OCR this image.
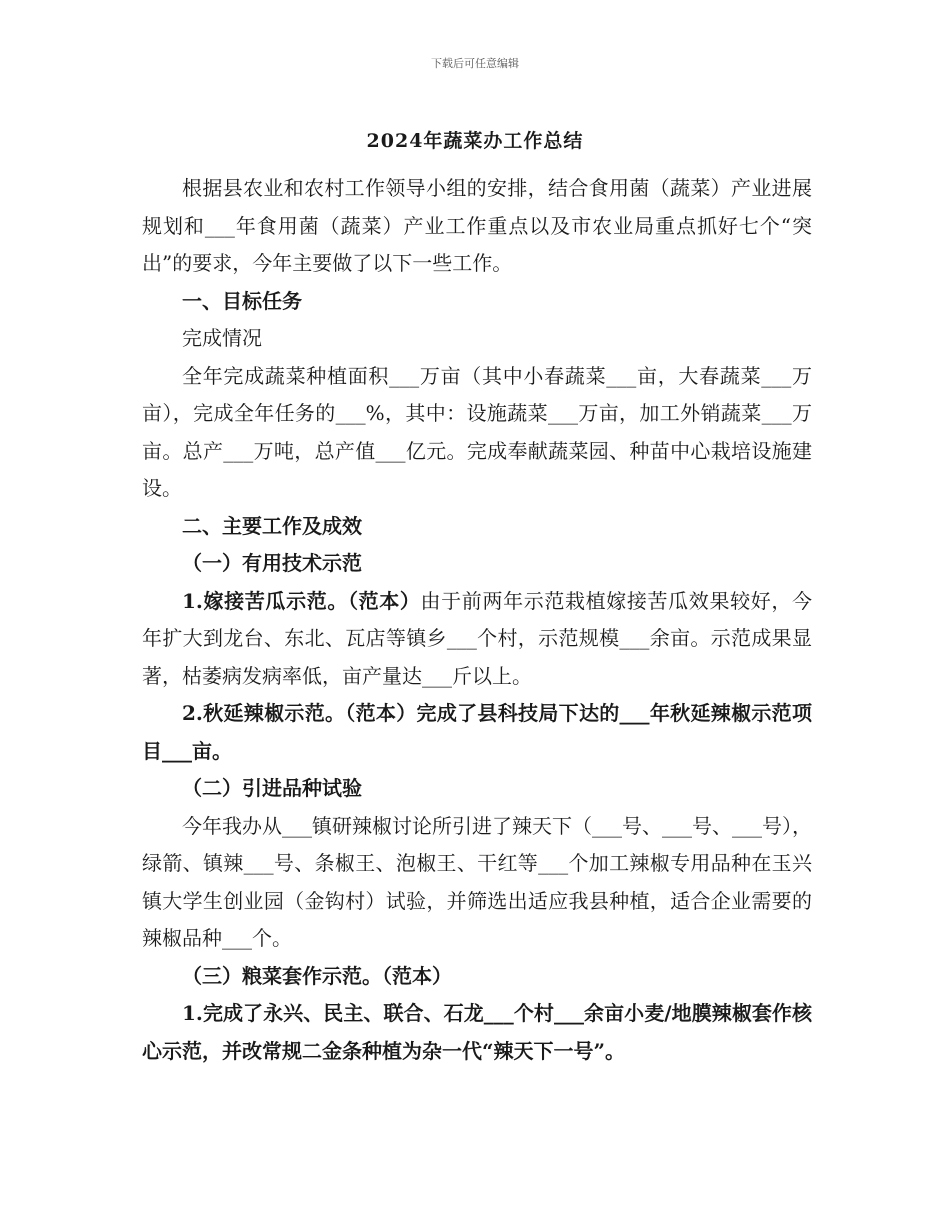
下载后可任意编辑
2024年蔬菜办工作总结

根据县农业和农村工作领导小组的安排，结合食用菌（蔬菜）产业进展规划和___年食用菌（蔬菜）产业工作重点以及市农业局重点抓好七个“突出”的要求，今年主要做了以下一些工作。

一、目标任务

完成情况

全年完成蔬菜种植面积___万亩（其中小春蔬菜___亩，大春蔬菜___万亩），完成全年任务的___%，其中：设施蔬菜___万亩，加工外销蔬菜___万亩。总产___万吨，总产值___亿元。完成奉献蔬菜园、种苗中心栽培设施建设。

二、主要工作及成效

（一）有用技术示范

1.嫁接苦瓜示范。（范本）由于前两年示范栽植嫁接苦瓜效果较好，今年扩大到龙台、东北、瓦店等镇乡___个村，示范规模___余亩。示范成果显著，枯萎病发病率低，亩产量达___斤以上。

2.秋延辣椒示范。（范本）完成了县科技局下达的___年秋延辣椒示范项目___亩。

（二）引进品种试验

今年我办从___镇研辣椒讨论所引进了辣天下（___号、___号、___号），绿箭、镇辣___号、条椒王、泡椒王、干红等___个加工辣椒专用品种在玉兴镇大学生创业园（金钩村）试验，并筛选出适应我县种植，适合企业需要的辣椒品种___个。

（三）粮菜套作示范。（范本）

1.完成了永兴、民主、联合、石龙___个村___余亩小麦/地膜辣椒套作核心示范，并改常规二金条种植为杂一代“辣天下一号”。
